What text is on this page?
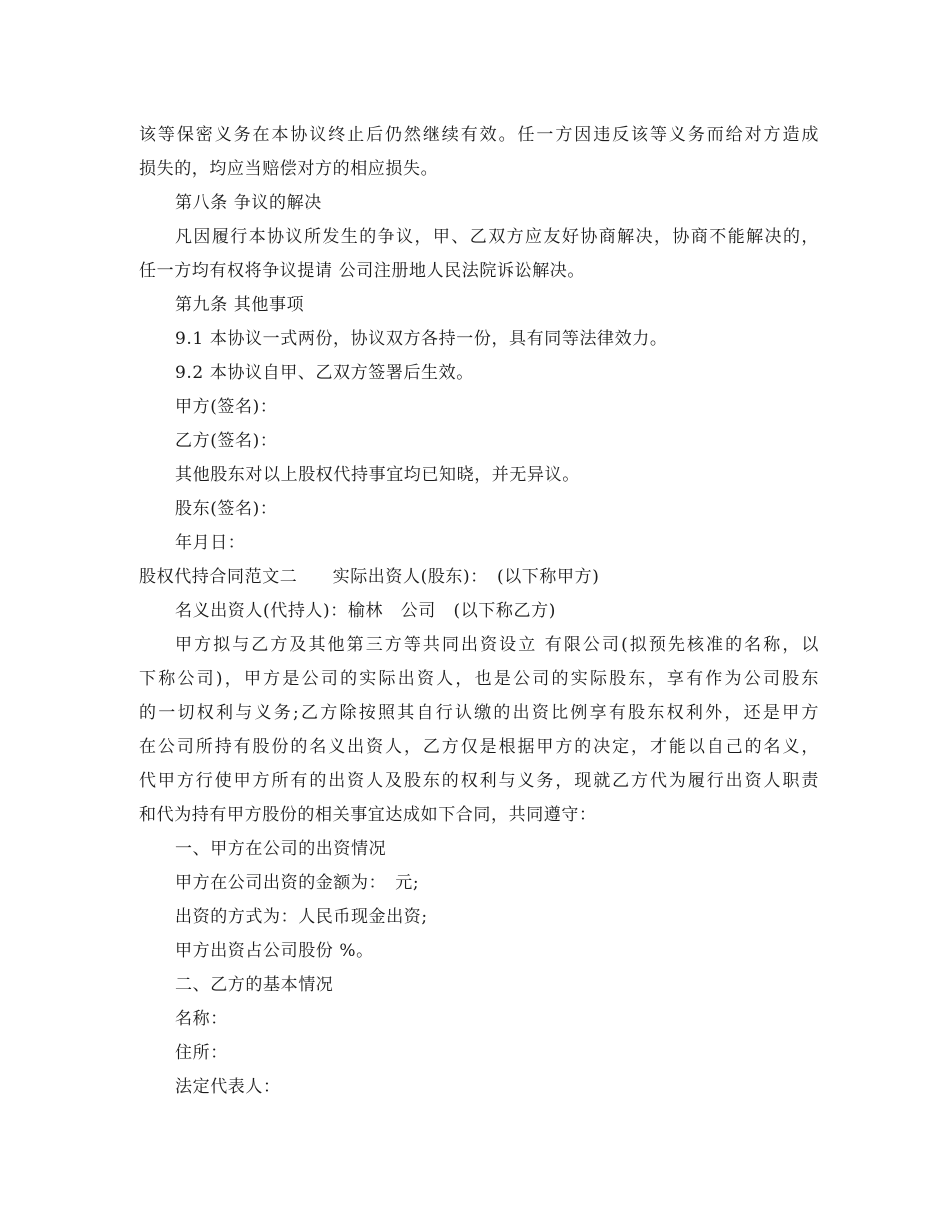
该等保密义务在本协议终止后仍然继续有效。任一方因违反该等义务而给对方造成
损失的，均应当赔偿对方的相应损失。
第八条 争议的解决
凡因履行本协议所发生的争议，甲、乙双方应友好协商解决，协商不能解决的，
任一方均有权将争议提请 公司注册地人民法院诉讼解决。
第九条 其他事项
9.1 本协议一式两份，协议双方各持一份，具有同等法律效力。
9.2 本协议自甲、乙双方签署后生效。
甲方(签名)：
乙方(签名)：
其他股东对以上股权代持事宜均已知晓，并无异议。
股东(签名)：
年月日：
股权代持合同范文二　　实际出资人(股东)：　(以下称甲方)
名义出资人(代持人)：榆林　公司　(以下称乙方)
甲方拟与乙方及其他第三方等共同出资设立 有限公司(拟预先核准的名称，以
下称公司)，甲方是公司的实际出资人，也是公司的实际股东，享有作为公司股东
的一切权利与义务;乙方除按照其自行认缴的出资比例享有股东权利外，还是甲方
在公司所持有股份的名义出资人，乙方仅是根据甲方的决定，才能以自己的名义，
代甲方行使甲方所有的出资人及股东的权利与义务，现就乙方代为履行出资人职责
和代为持有甲方股份的相关事宜达成如下合同，共同遵守：
一、甲方在公司的出资情况
甲方在公司出资的金额为：　元;
出资的方式为：人民币现金出资;
甲方出资占公司股份 %。
二、乙方的基本情况
名称：
住所：
法定代表人：
